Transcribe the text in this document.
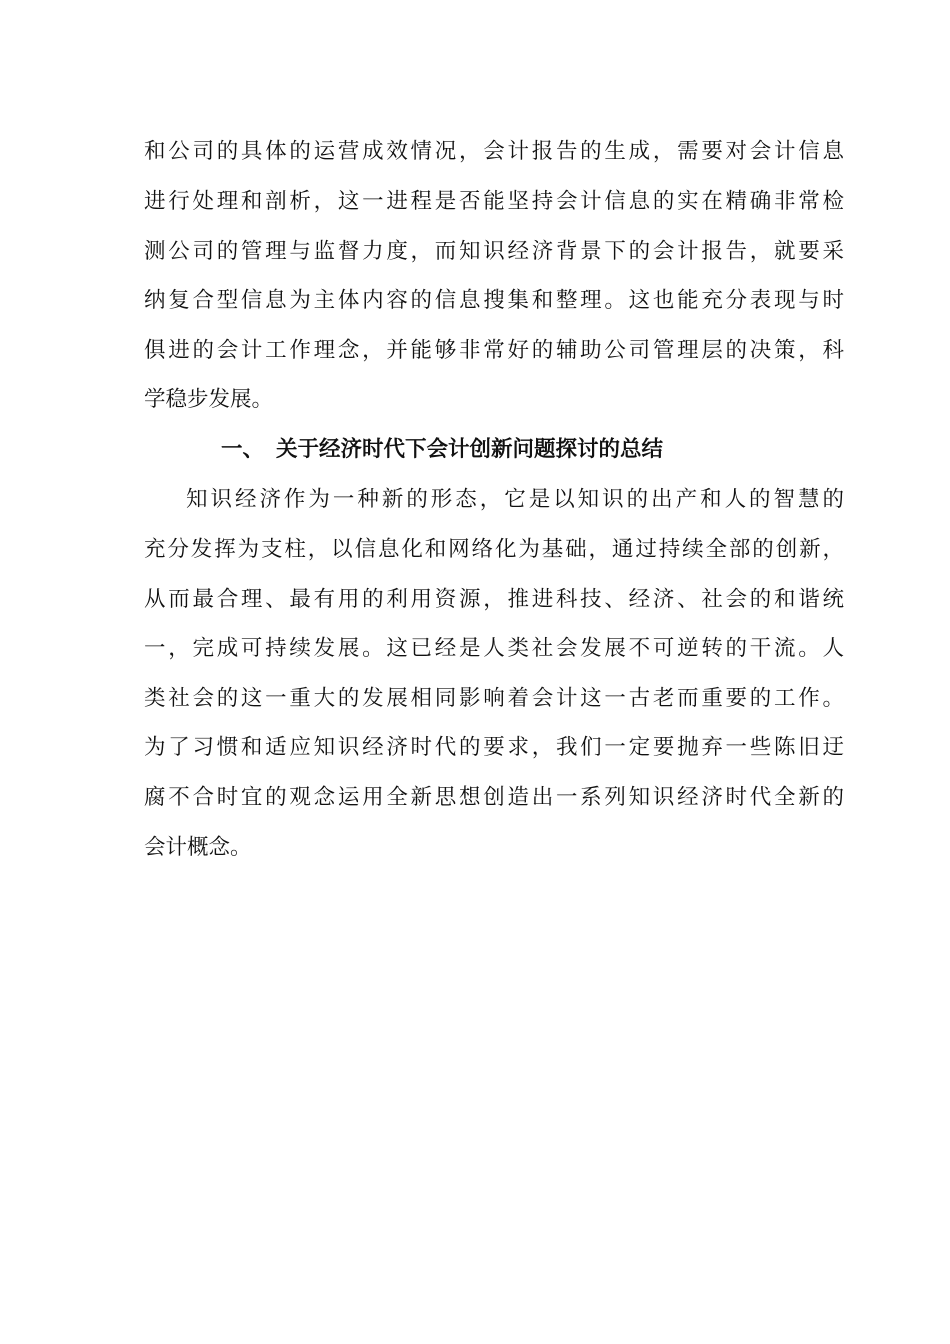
和公司的具体的运营成效情况，会计报告的生成，需要对会计信息

进行处理和剖析，这一进程是否能坚持会计信息的实在精确非常检

测公司的管理与监督力度，而知识经济背景下的会计报告，就要采

纳复合型信息为主体内容的信息搜集和整理。这也能充分表现与时

俱进的会计工作理念，并能够非常好的辅助公司管理层的决策，科

学稳步发展。

一、 关于经济时代下会计创新问题探讨的总结

知识经济作为一种新的形态，它是以知识的出产和人的智慧的

充分发挥为支柱，以信息化和网络化为基础，通过持续全部的创新，

从而最合理、最有用的利用资源，推进科技、经济、社会的和谐统

一，完成可持续发展。这已经是人类社会发展不可逆转的干流。人

类社会的这一重大的发展相同影响着会计这一古老而重要的工作。

为了习惯和适应知识经济时代的要求，我们一定要抛弃一些陈旧迂

腐不合时宜的观念运用全新思想创造出一系列知识经济时代全新的

会计概念。
